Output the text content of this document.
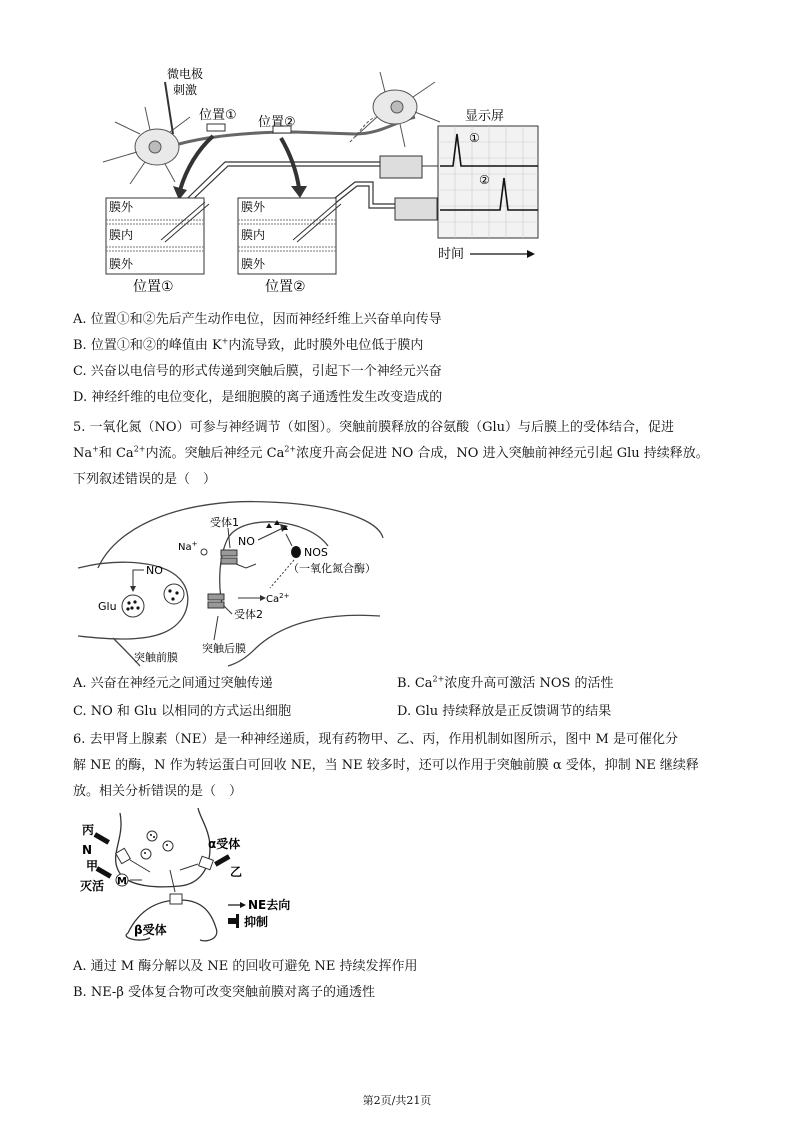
微电极
刺激
位置① 位置②	显示屏
①
②
时间
膜外
膜内
膜外
位置①
膜外
膜内
膜外
位置②
A. 位置①和②先后产生动作电位，因而神经纤维上兴奋单向传导
B. 位置①和②的峰值由 K+内流导致，此时膜外电位低于膜内
C. 兴奋以电信号的形式传递到突触后膜，引起下一个神经元兴奋
D. 神经纤维的电位变化，是细胞膜的离子通透性发生改变造成的
5. 一氧化氮（NO）可参与神经调节（如图）。突触前膜释放的谷氨酸（Glu）与后膜上的受体结合，促进
Na+和 $Ca^{2+}$内流。突触后神经元 $Ca^{2+}$浓度升高会促进 NO 合成，NO 进入突触前神经元引起 Glu 持续释放。
下列叙述错误的是（　）
NO
Glu
受体1
Na+	NO
NOS
（一氧化氮合酶）
$Ca^{2+}$
受体2
突触前膜
突触后膜
A. 兴奋在神经元之间通过突触传递	B. $Ca^{2+}$浓度升高可激活 NOS 的活性
C. NO 和 Glu 以相同的方式运出细胞	D. Glu 持续释放是正反馈调节的结果
6. 去甲肾上腺素（NE）是一种神经递质，现有药物甲、乙、丙，作用机制如图所示，图中 M 是可催化分
解 NE 的酶，N 作为转运蛋白可回收 NE，当 NE 较多时，还可以作用于突触前膜 α 受体，抑制 NE 继续释
放。相关分析错误的是（　）
丙
N
甲
灭活 M
α受体
乙
β受体
NE去向
抑制
A. 通过 M 酶分解以及 NE 的回收可避免 NE 持续发挥作用
B. NE-β 受体复合物可改变突触前膜对离子的通透性
第2页/共21页
